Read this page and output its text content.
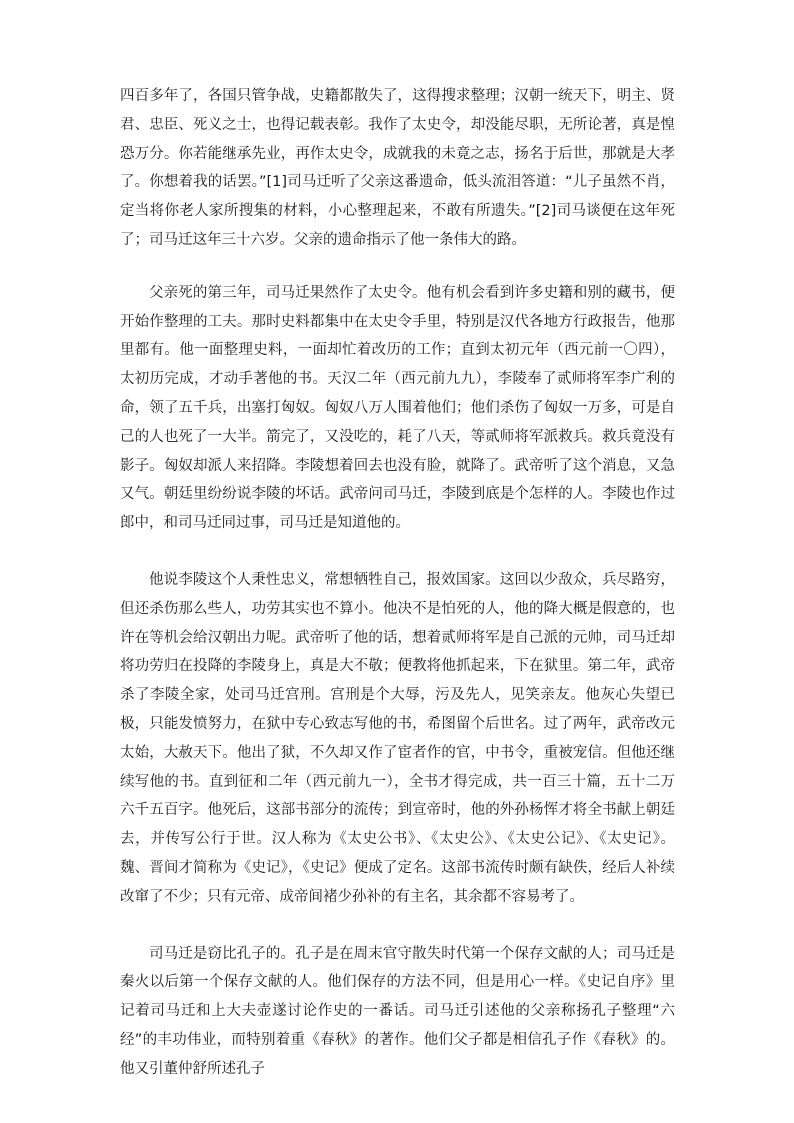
四百多年了，各国只管争战，史籍都散失了，这得搜求整理；汉朝一统天下，明主、贤君、忠臣、死义之士，也得记载表彰。我作了太史令，却没能尽职，无所论著，真是惶恐万分。你若能继承先业，再作太史令，成就我的未竟之志，扬名于后世，那就是大孝了。你想着我的话罢。”[1]司马迁听了父亲这番遗命，低头流泪答道：“儿子虽然不肖，定当将你老人家所搜集的材料，小心整理起来，不敢有所遗失。”[2]司马谈便在这年死了；司马迁这年三十六岁。父亲的遗命指示了他一条伟大的路。

父亲死的第三年，司马迁果然作了太史令。他有机会看到许多史籍和别的藏书，便开始作整理的工夫。那时史料都集中在太史令手里，特别是汉代各地方行政报告，他那里都有。他一面整理史料，一面却忙着改历的工作；直到太初元年（西元前一〇四），太初历完成，才动手著他的书。天汉二年（西元前九九），李陵奉了贰师将军李广利的命，领了五千兵，出塞打匈奴。匈奴八万人围着他们；他们杀伤了匈奴一万多，可是自己的人也死了一大半。箭完了，又没吃的，耗了八天，等贰师将军派救兵。救兵竟没有影子。匈奴却派人来招降。李陵想着回去也没有脸，就降了。武帝听了这个消息，又急又气。朝廷里纷纷说李陵的坏话。武帝问司马迁，李陵到底是个怎样的人。李陵也作过郎中，和司马迁同过事，司马迁是知道他的。

他说李陵这个人秉性忠义，常想牺牲自己，报效国家。这回以少敌众，兵尽路穷，但还杀伤那么些人，功劳其实也不算小。他决不是怕死的人，他的降大概是假意的，也许在等机会给汉朝出力呢。武帝听了他的话，想着贰师将军是自己派的元帅，司马迁却将功劳归在投降的李陵身上，真是大不敬；便教将他抓起来，下在狱里。第二年，武帝杀了李陵全家，处司马迁宫刑。宫刑是个大辱，污及先人，见笑亲友。他灰心失望已极，只能发愤努力，在狱中专心致志写他的书，希图留个后世名。过了两年，武帝改元太始，大赦天下。他出了狱，不久却又作了宦者作的官，中书令，重被宠信。但他还继续写他的书。直到征和二年（西元前九一），全书才得完成，共一百三十篇，五十二万六千五百字。他死后，这部书部分的流传；到宣帝时，他的外孙杨恽才将全书献上朝廷去，并传写公行于世。汉人称为《太史公书》、《太史公》、《太史公记》、《太史记》。魏、晋间才简称为《史记》，《史记》便成了定名。这部书流传时颇有缺佚，经后人补续改窜了不少；只有元帝、成帝间褚少孙补的有主名，其余都不容易考了。

司马迁是窃比孔子的。孔子是在周末官守散失时代第一个保存文献的人；司马迁是秦火以后第一个保存文献的人。他们保存的方法不同，但是用心一样。《史记自序》里记着司马迁和上大夫壶遂讨论作史的一番话。司马迁引述他的父亲称扬孔子整理“六经”的丰功伟业，而特别着重《春秋》的著作。他们父子都是相信孔子作《春秋》的。他又引董仲舒所述孔子
